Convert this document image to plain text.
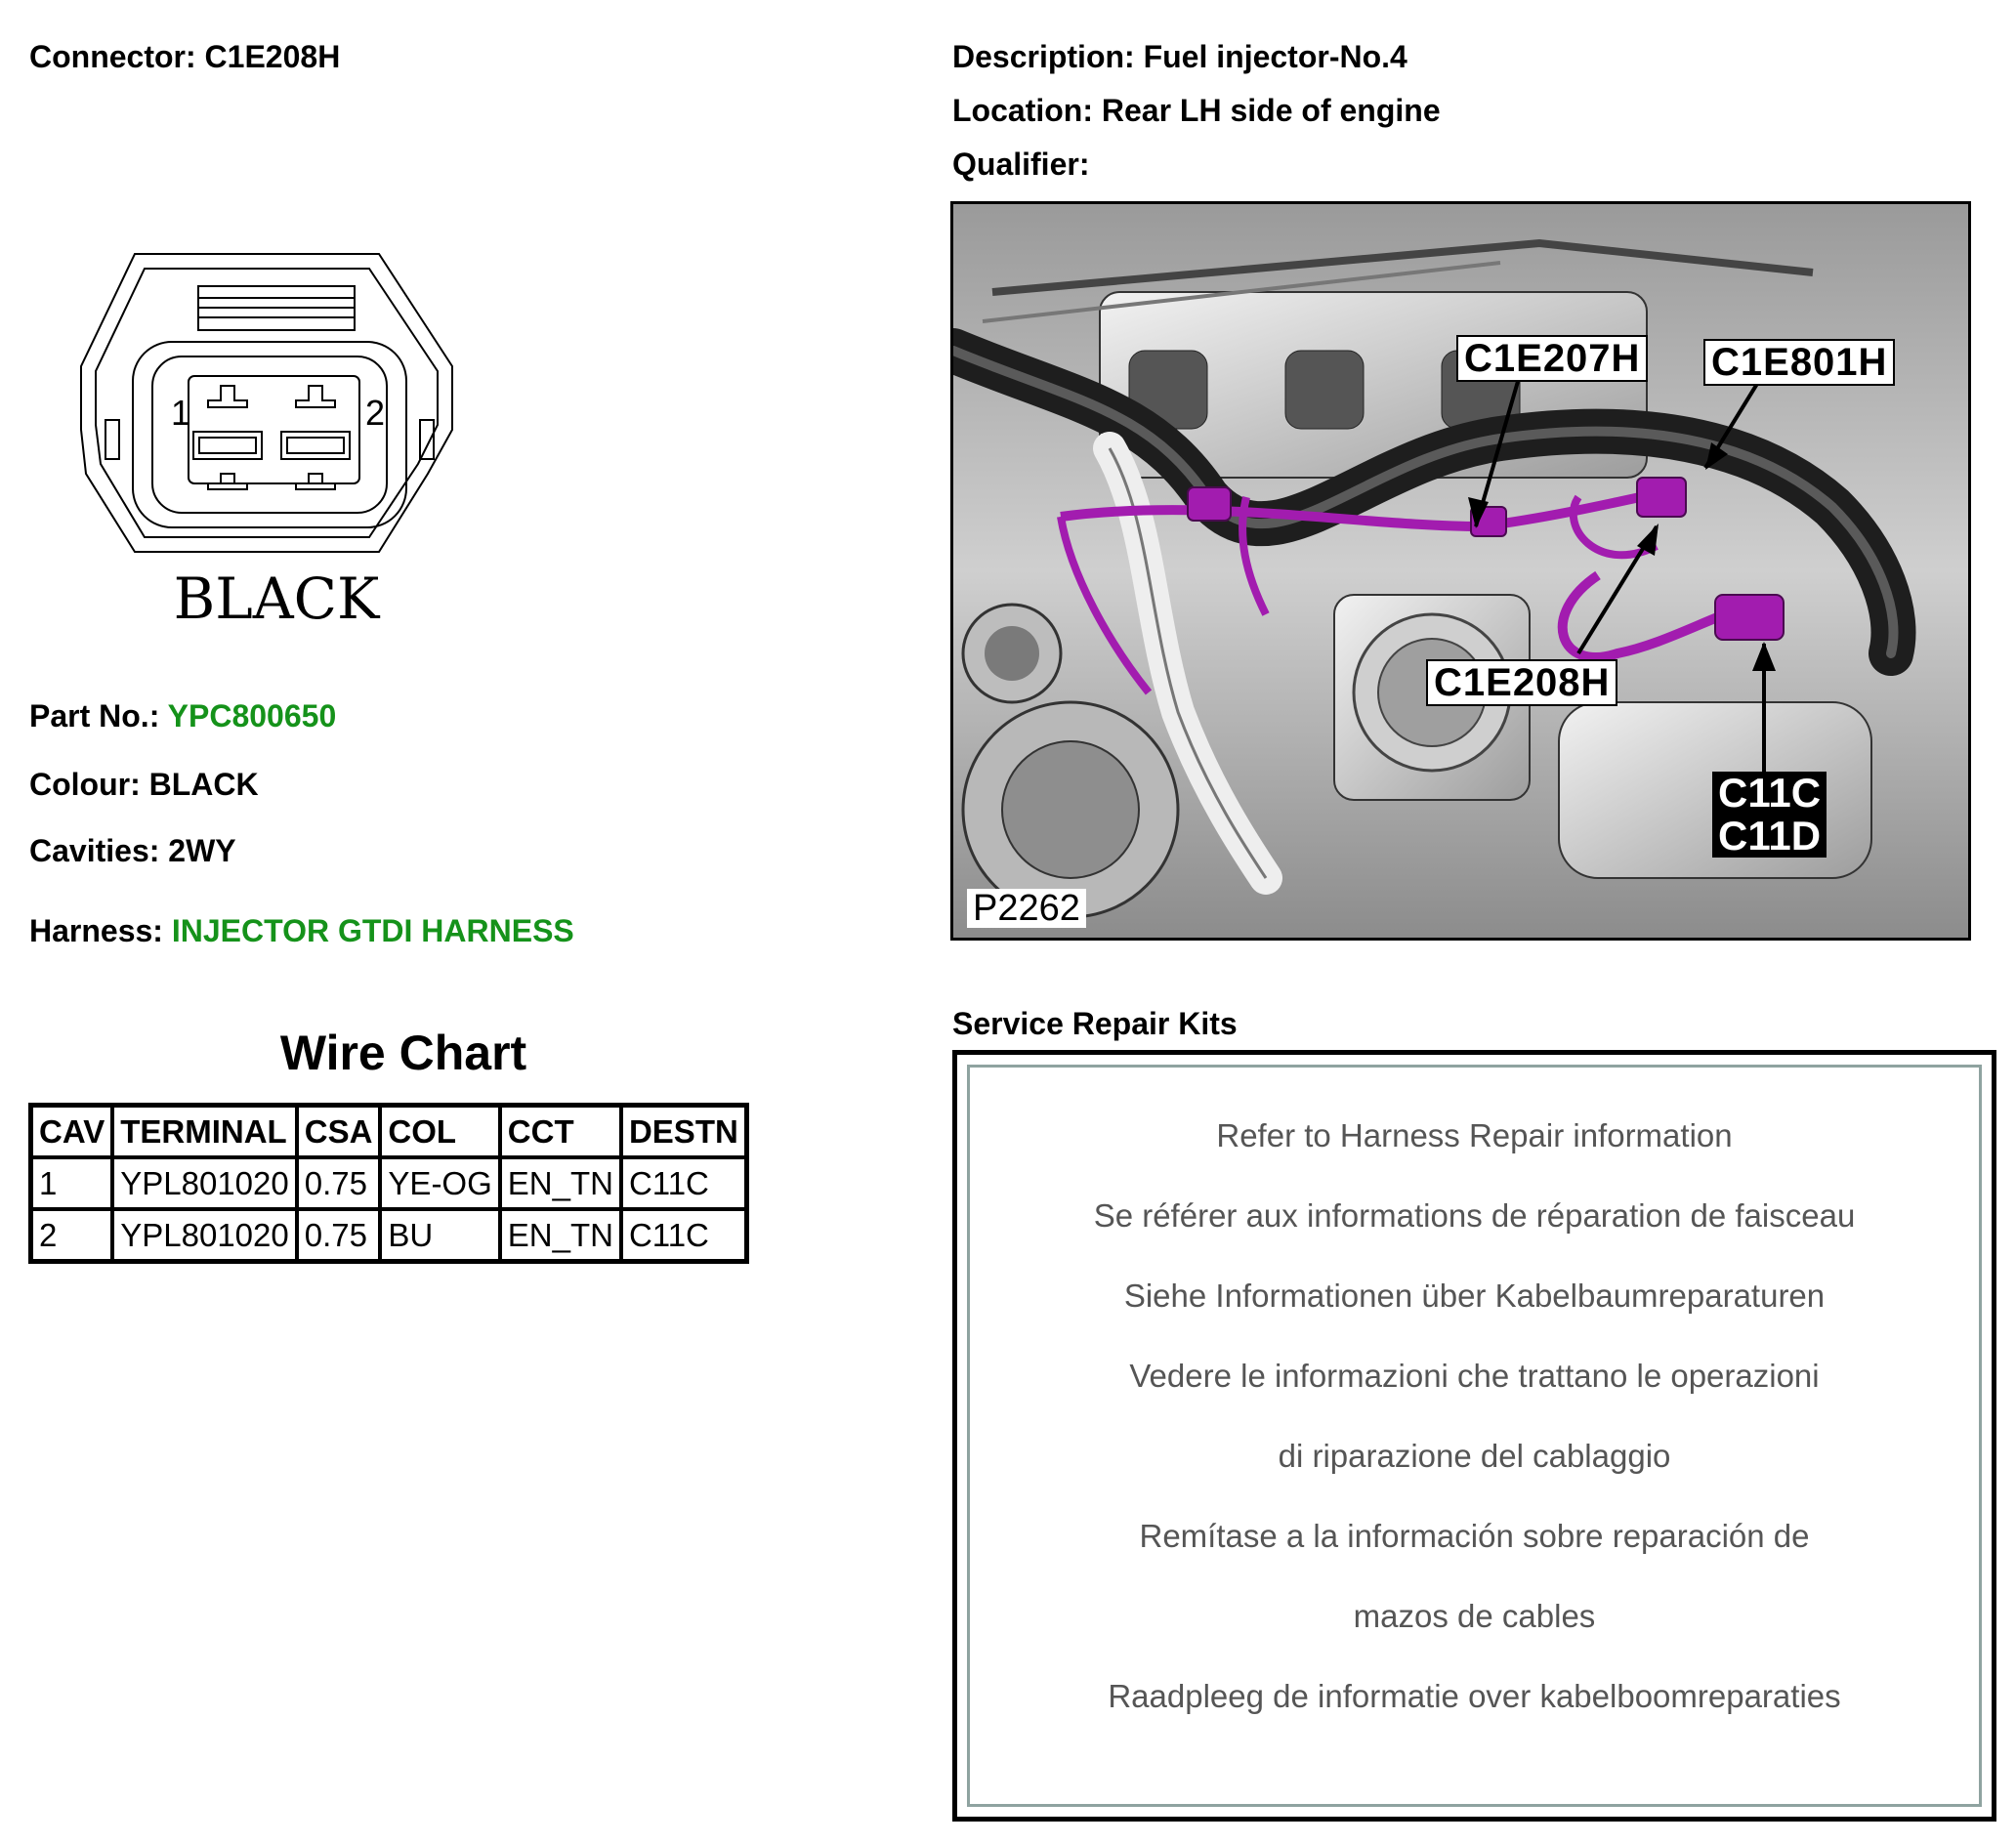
Connector: C1E208H	Description: Fuel injector-No.4
Location: Rear LH side of engine
Qualifier:
1	2
BLACK
Part No.: YPC800650
Colour: BLACK
Cavities: 2WY
Harness: INJECTOR GTDI HARNESS
Wire Chart
CAV	TERMINAL	CSA	COL	CCT	DESTN
1	YPL801020	0.75	YE-OG	EN_TN	C11C
2	YPL801020	0.75	BU	EN_TN	C11C
C1E207H C1E801H
C1E208H
C11C
C11D
P2262
Service Repair Kits
Refer to Harness Repair information
Se référer aux informations de réparation de faisceau
Siehe Informationen über Kabelbaumreparaturen
Vedere le informazioni che trattano le operazioni
di riparazione del cablaggio
Remítase a la información sobre reparación de
mazos de cables
Raadpleeg de informatie over kabelboomreparaties
